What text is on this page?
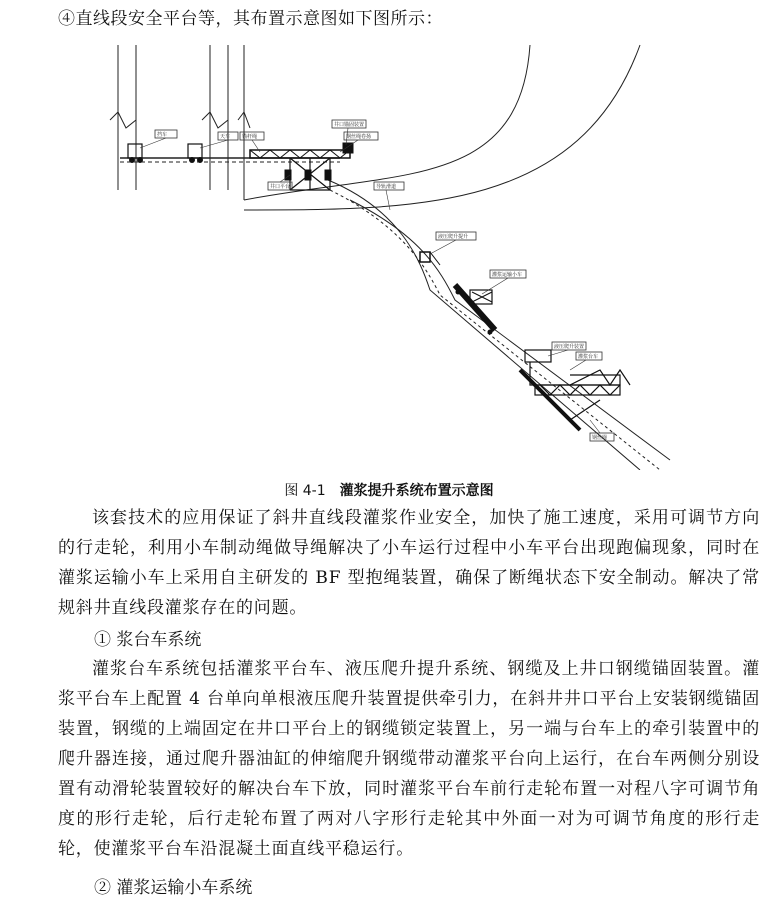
④直线段安全平台等，其布置示意图如下图所示：
挡车	天车 锚杆绳
井口锚固装置
钢丝绳卷扬
井口平台	导轨滑道
液压爬升提升
灌浆运输小车
液压爬升装置
灌浆台车
钢丝绳
图 4-1 灌浆提升系统布置示意图
该套技术的应用保证了斜井直线段灌浆作业安全，加快了施工速度，采用可调节方向的行走轮，利用小车制动绳做导绳解决了小车运行过程中小车平台出现跑偏现象，同时在灌浆运输小车上采用自主研发的 BF 型抱绳装置，确保了断绳状态下安全制动。解决了常规斜井直线段灌浆存在的问题。
① 浆台车系统
灌浆台车系统包括灌浆平台车、液压爬升提升系统、钢缆及上井口钢缆锚固装置。灌浆平台车上配置 4 台单向单根液压爬升装置提供牵引力，在斜井井口平台上安装钢缆锚固装置，钢缆的上端固定在井口平台上的钢缆锁定装置上，另一端与台车上的牵引装置中的爬升器连接，通过爬升器油缸的伸缩爬升钢缆带动灌浆平台向上运行，在台车两侧分别设置有动滑轮装置较好的解决台车下放，同时灌浆平台车前行走轮布置一对程八字可调节角度的形行走轮，后行走轮布置了两对八字形行走轮其中外面一对为可调节角度的形行走轮，使灌浆平台车沿混凝土面直线平稳运行。
② 灌浆运输小车系统
